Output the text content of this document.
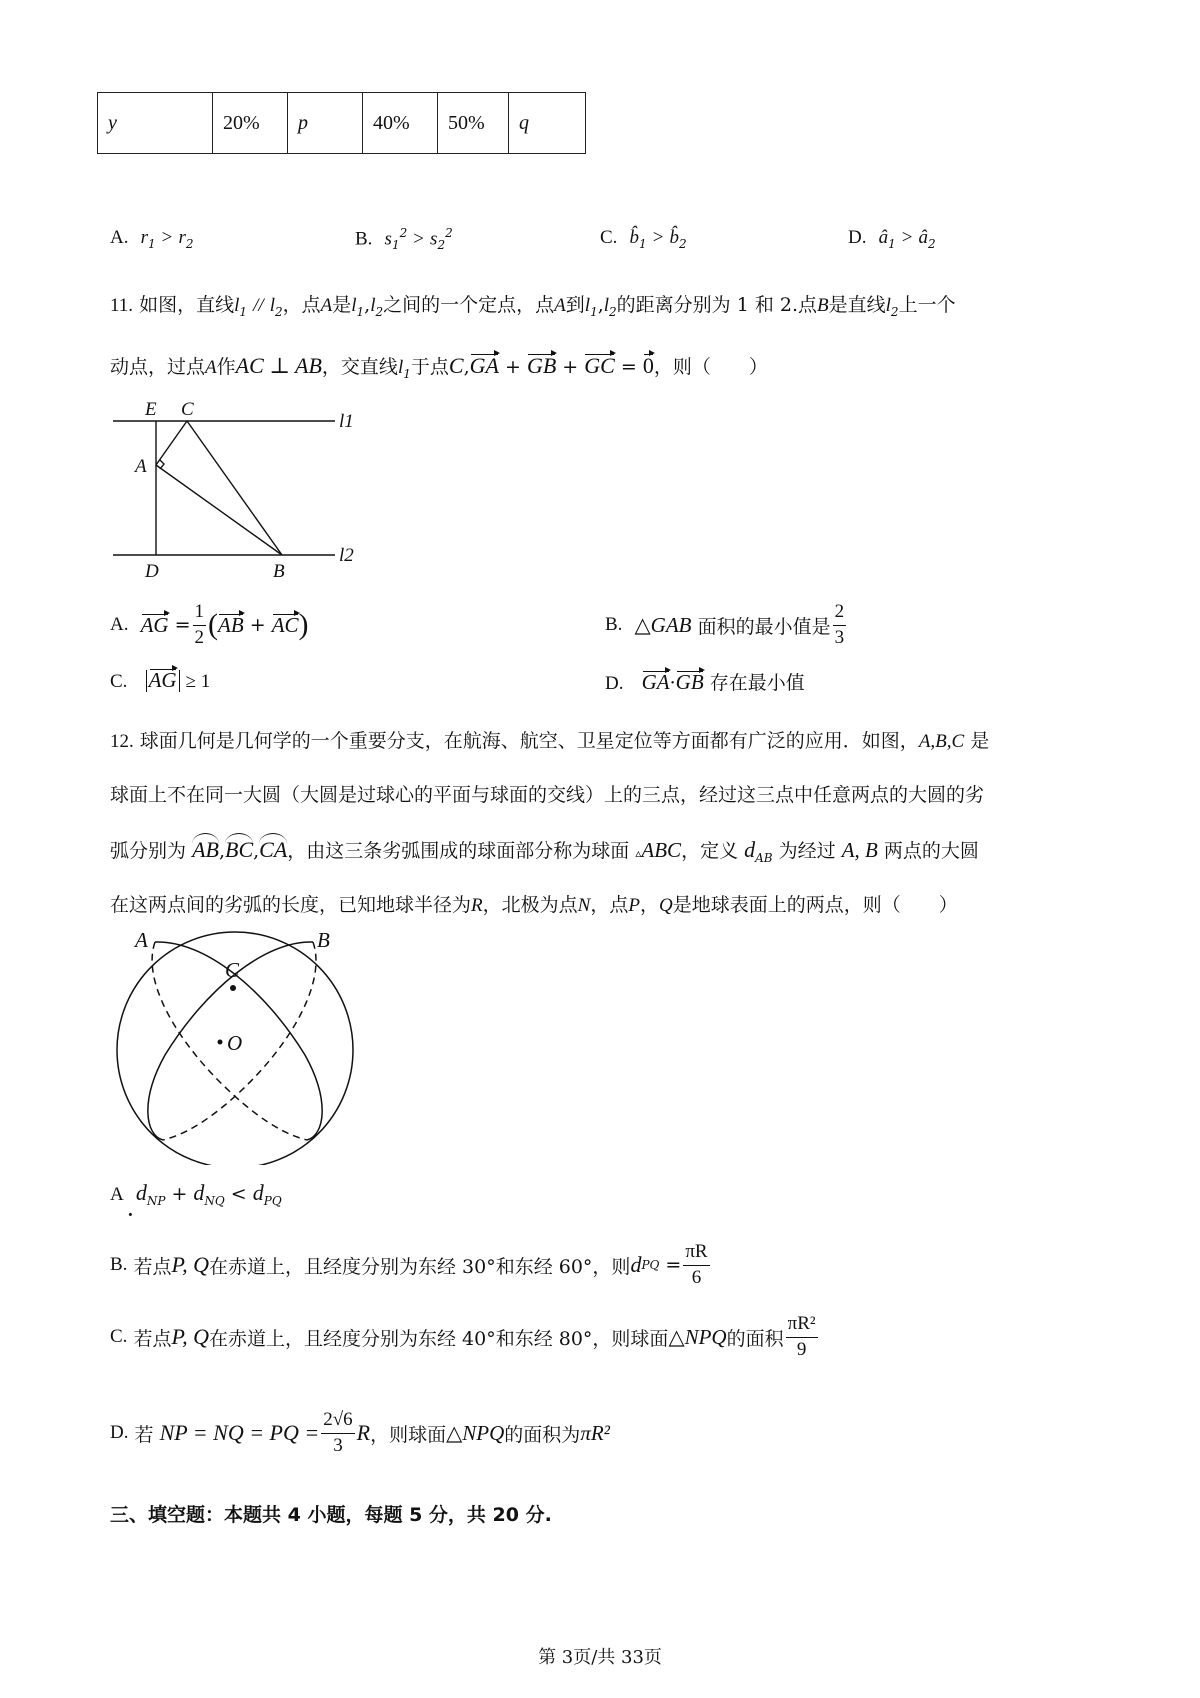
y	20%	p	40%	50%	q
A. $r_1 > r_2$	B. $s_1^2 > s_2^2$	C. $b̂_1$ > $b̂_2$	D. $â_1$ > $â_2$
11. 如图，直线$l_1 // l_2$，点A是$l_1,l_2$之间的一个定点，点A到$l_1,l_2$的距离分别为 1 和 2.点B是直线$l_2$上一个
动点，过点A作AC ⊥ AB，交直线$l_1$于点C,GA + GB + GC = 0，则（　　）
E C
A
D	B
l1
l2
A.
AG = $\frac{1}{2}$ ( AB + AC )	B.
△GAB
面积的最小值是 $\frac{2}{3}$
C. AG ≥ 1	D. GA·GB 存在最小值
12. 球面几何是几何学的一个重要分支，在航海、航空、卫星定位等方面都有广泛的应用．如图，A,B,C 是
球面上不在同一大圆（大圆是过球心的平面与球面的交线）上的三点，经过这三点中任意两点的大圆的劣
弧分别为 AB,BC,CA，由这三条劣弧围成的球面部分称为球面 ▵ABC，定义 $d_{AB}$ 为经过 A, B 两点的大圆
在这两点间的劣弧的长度，已知地球半径为R，北极为点N，点P，Q是地球表面上的两点，则（　　）
A	B
C
O
A $d_{NP} + d_{NQ} < d_{PQ}$
.
B.
若点 P, Q 在赤道上，且经度分别为东经 30°和东经 60°，则 d PQ = $\frac{\pi R}{6}$
C.
若点 P, Q 在赤道上，且经度分别为东经 40°和东经 80°，则球面 △NPQ 的面积 $\frac{\text{πR²}}{9}$
D.
若
NP = NQ = PQ = $\frac{2√6}{3}$ R ，则球面 △NPQ 的面积为 πR²
三、填空题：本题共 4 小题，每题 5 分，共 20 分.
第 3页/共 33页
